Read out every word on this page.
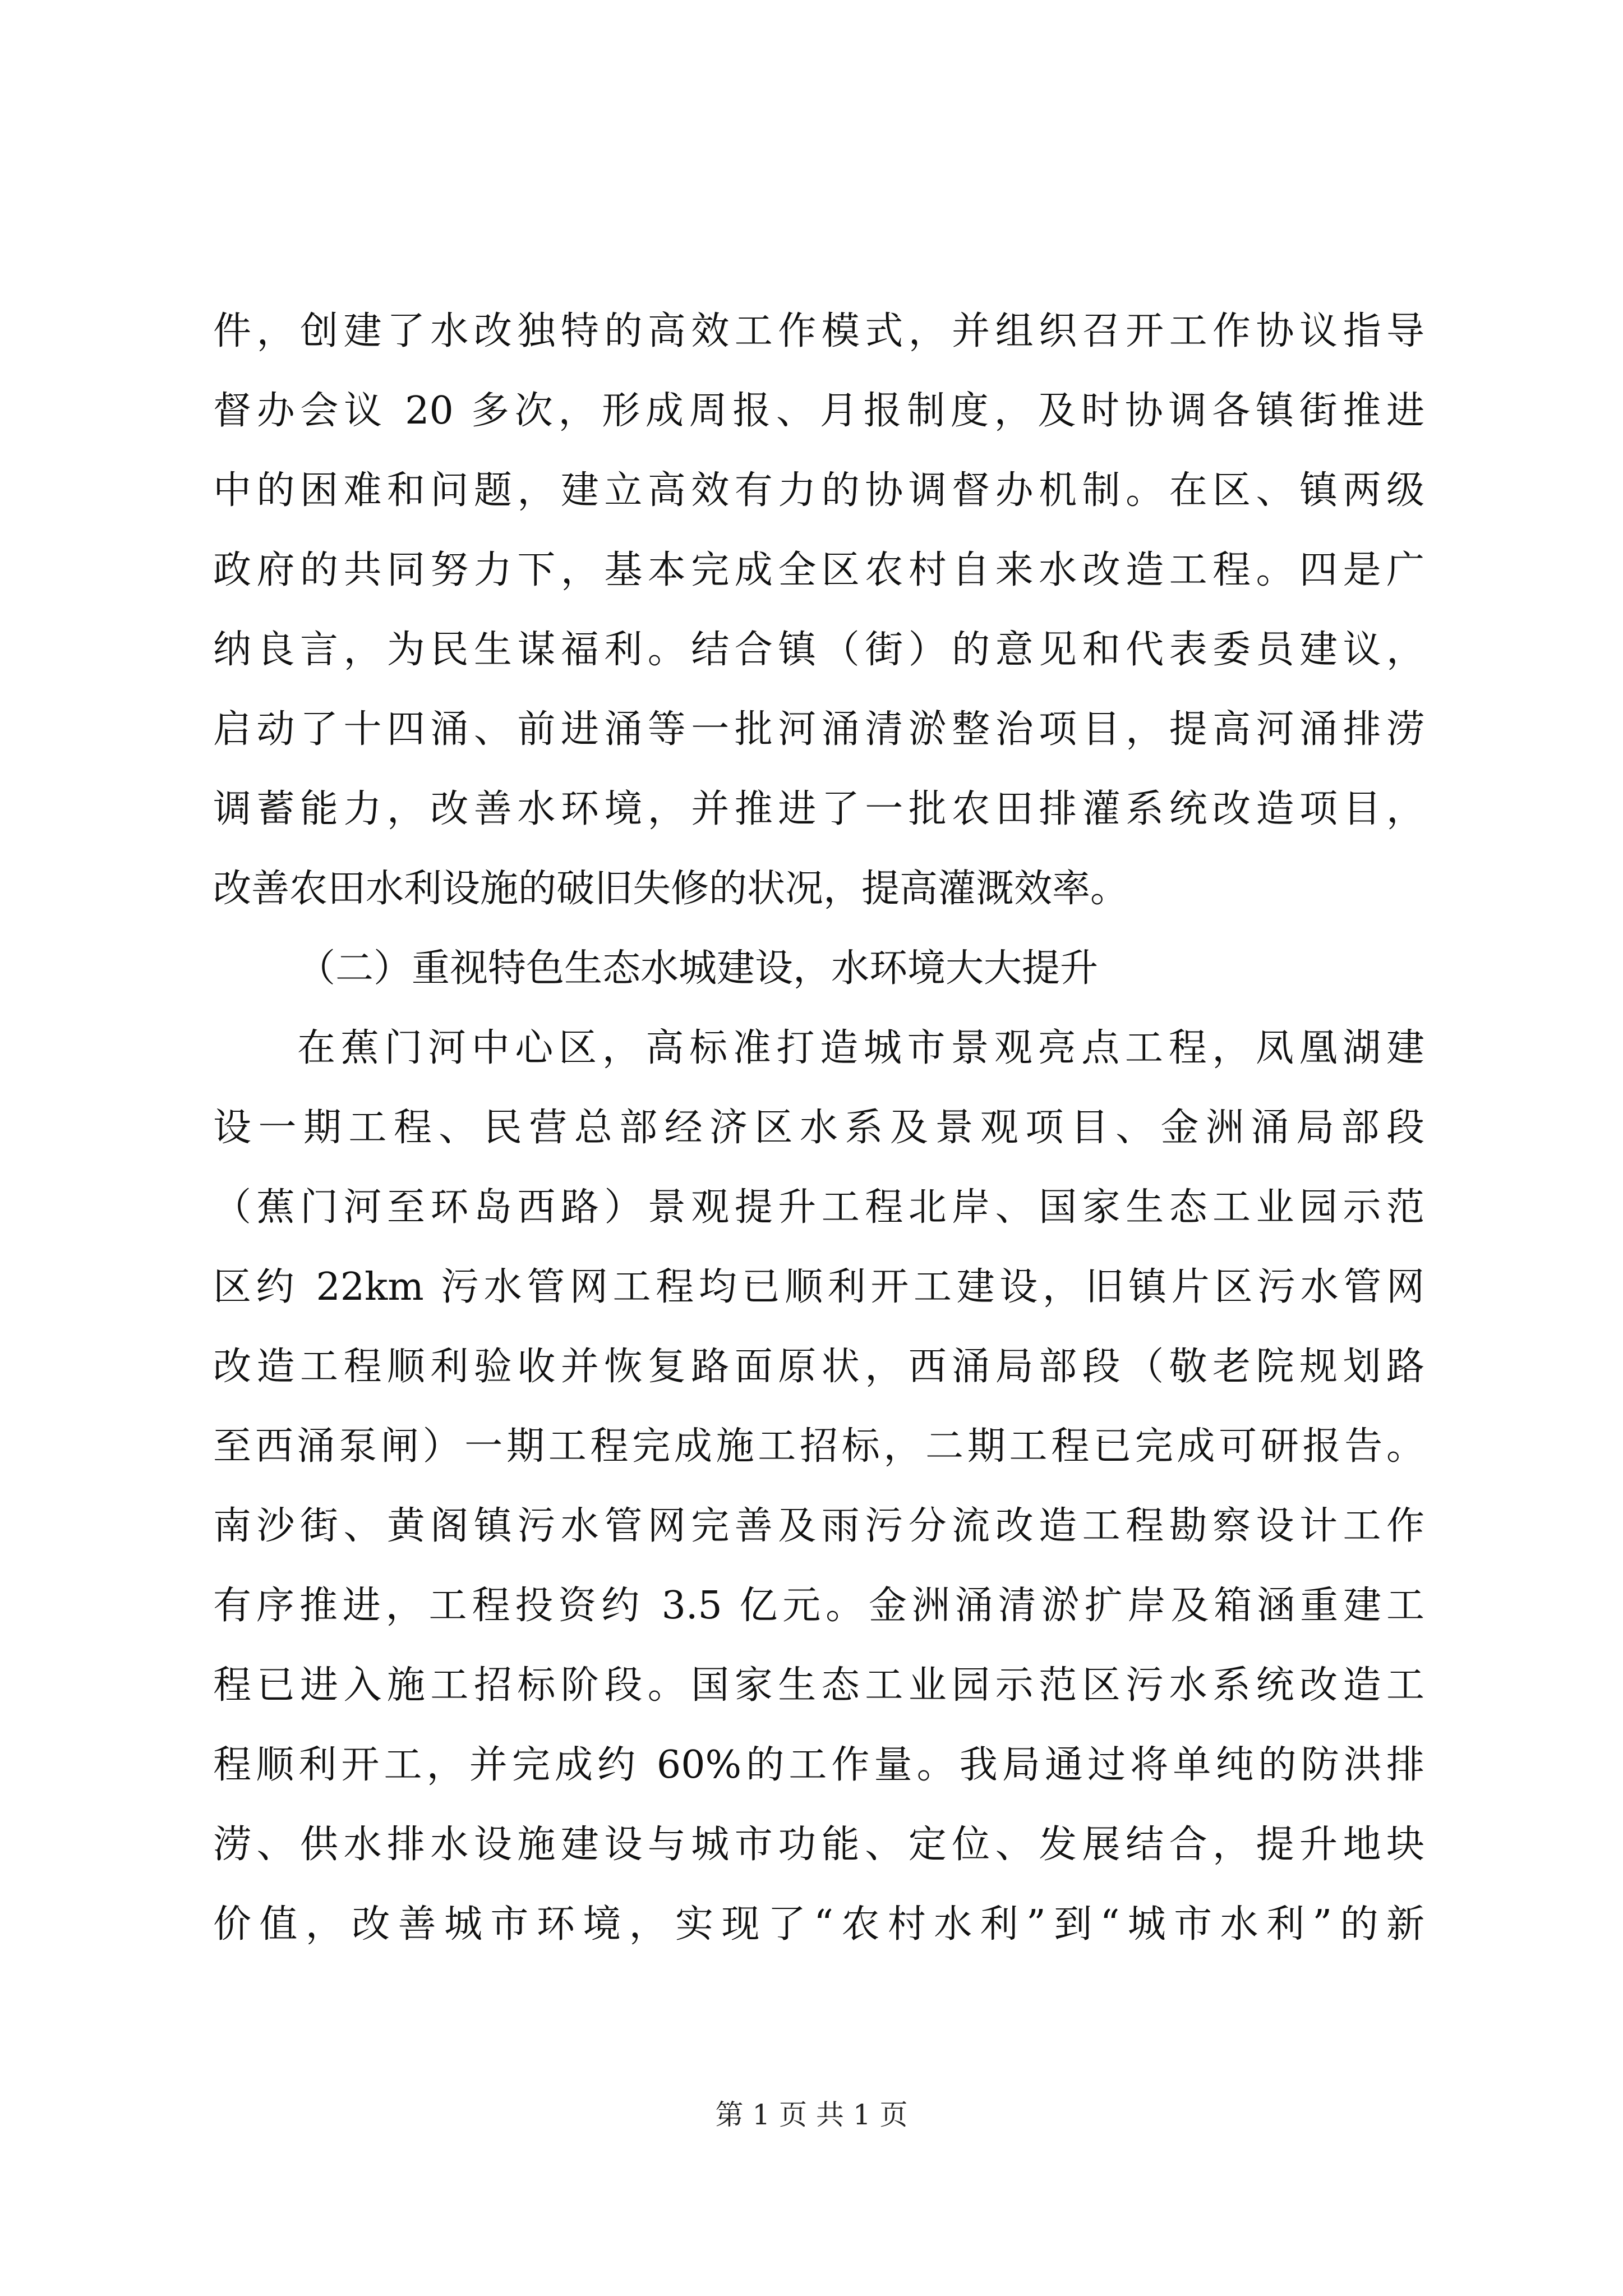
件，创建了水改独特的高效工作模式，并组织召开工作协议指导
督办会议 20 多次，形成周报、月报制度，及时协调各镇街推进
中的困难和问题，建立高效有力的协调督办机制。在区、镇两级
政府的共同努力下，基本完成全区农村自来水改造工程。四是广
纳良言，为民生谋福利。结合镇（街）的意见和代表委员建议，
启动了十四涌、前进涌等一批河涌清淤整治项目，提高河涌排涝
调蓄能力，改善水环境，并推进了一批农田排灌系统改造项目，
改善农田水利设施的破旧失修的状况，提高灌溉效率。
（二）重视特色生态水城建设，水环境大大提升
在蕉门河中心区，高标准打造城市景观亮点工程，凤凰湖建
设一期工程、民营总部经济区水系及景观项目、金洲涌局部段
（蕉门河至环岛西路）景观提升工程北岸、国家生态工业园示范
区约 22km 污水管网工程均已顺利开工建设，旧镇片区污水管网
改造工程顺利验收并恢复路面原状，西涌局部段（敬老院规划路
至西涌泵闸）一期工程完成施工招标，二期工程已完成可研报告。
南沙街、黄阁镇污水管网完善及雨污分流改造工程勘察设计工作
有序推进，工程投资约 3.5 亿元。金洲涌清淤扩岸及箱涵重建工
程已进入施工招标阶段。国家生态工业园示范区污水系统改造工
程顺利开工，并完成约 60%的工作量。我局通过将单纯的防洪排
涝、供水排水设施建设与城市功能、定位、发展结合，提升地块
价值，改善城市环境，实现了“农村水利”到“城市水利”的新
第 1 页 共 1 页
